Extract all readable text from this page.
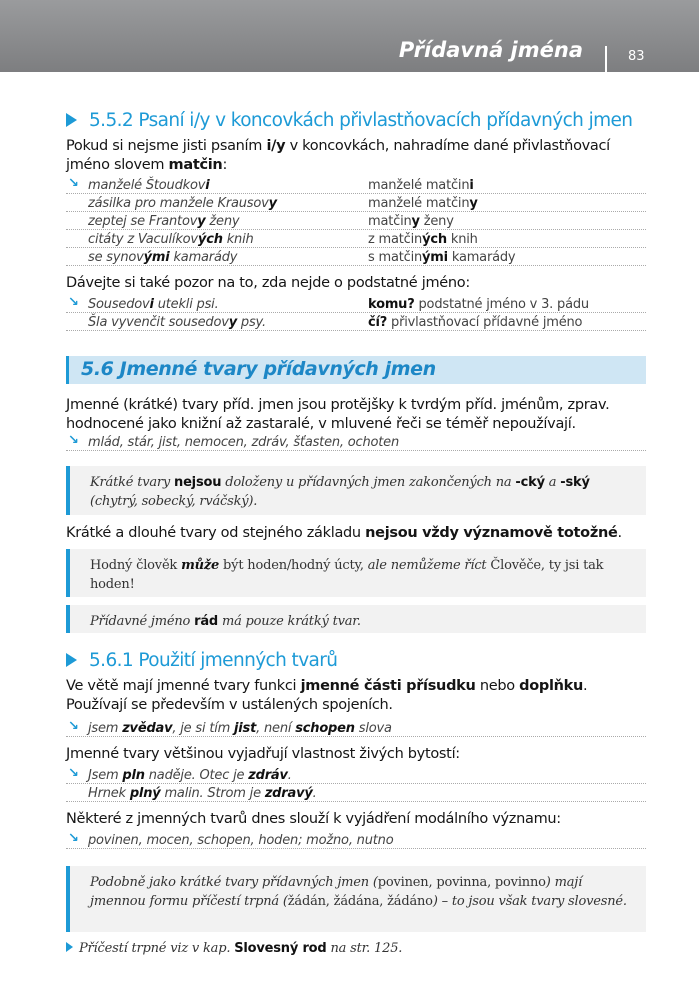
Přídavná jména	83
5.5.2 Psaní i/y v koncovkách přivlastňovacích přídavných jmen
Pokud si nejsme jisti psaním i/y v koncovkách, nahradíme dané přivlastňovací
jméno slovem matčin:
↘ manželé Štoudkovi	manželé matčini
zásilka pro manžele Krausovy	manželé matčiny
zeptej se Frantovy ženy	matčiny ženy
citáty z Vaculíkových knih	z matčiných knih
se synovými kamarády	s matčinými kamarády
Dávejte si také pozor na to, zda nejde o podstatné jméno:
↘ Sousedovi utekli psi.	komu? podstatné jméno v 3. pádu
Šla vyvenčit sousedovy psy.	čí? přivlastňovací přídavné jméno
5.6 Jmenné tvary přídavných jmen
Jmenné (krátké) tvary příd. jmen jsou protějšky k tvrdým příd. jménům, zprav.
hodnocené jako knižní až zastaralé, v mluvené řeči se téměř nepoužívají.
↘ mlád, stár, jist, nemocen, zdráv, šťasten, ochoten
Krátké tvary nejsou doloženy u přídavných jmen zakončených na -cký a -ský (chytrý, sobecký, rváčský).
Krátké a dlouhé tvary od stejného základu nejsou vždy významově totožné.
Hodný člověk může být hoden/hodný úcty, ale nemůžeme říct Člověče, ty jsi tak hoden!
Přídavné jméno rád má pouze krátký tvar.
5.6.1 Použití jmenných tvarů
Ve větě mají jmenné tvary funkci jmenné části přísudku nebo doplňku.
Používají se především v ustálených spojeních.
↘ jsem zvědav, je si tím jist, není schopen slova
Jmenné tvary většinou vyjadřují vlastnost živých bytostí:
↘ Jsem pln naděje. Otec je zdráv.
Hrnek plný malin. Strom je zdravý.
Některé z jmenných tvarů dnes slouží k vyjádření modálního významu:
↘ povinen, mocen, schopen, hoden; možno, nutno
Podobně jako krátké tvary přídavných jmen (povinen, povinna, povinno) mají jmennou formu příčestí trpná (žádán, žádána, žádáno) – to jsou však tvary slovesné.
Příčestí trpné viz v kap. Slovesný rod na str. 125.
